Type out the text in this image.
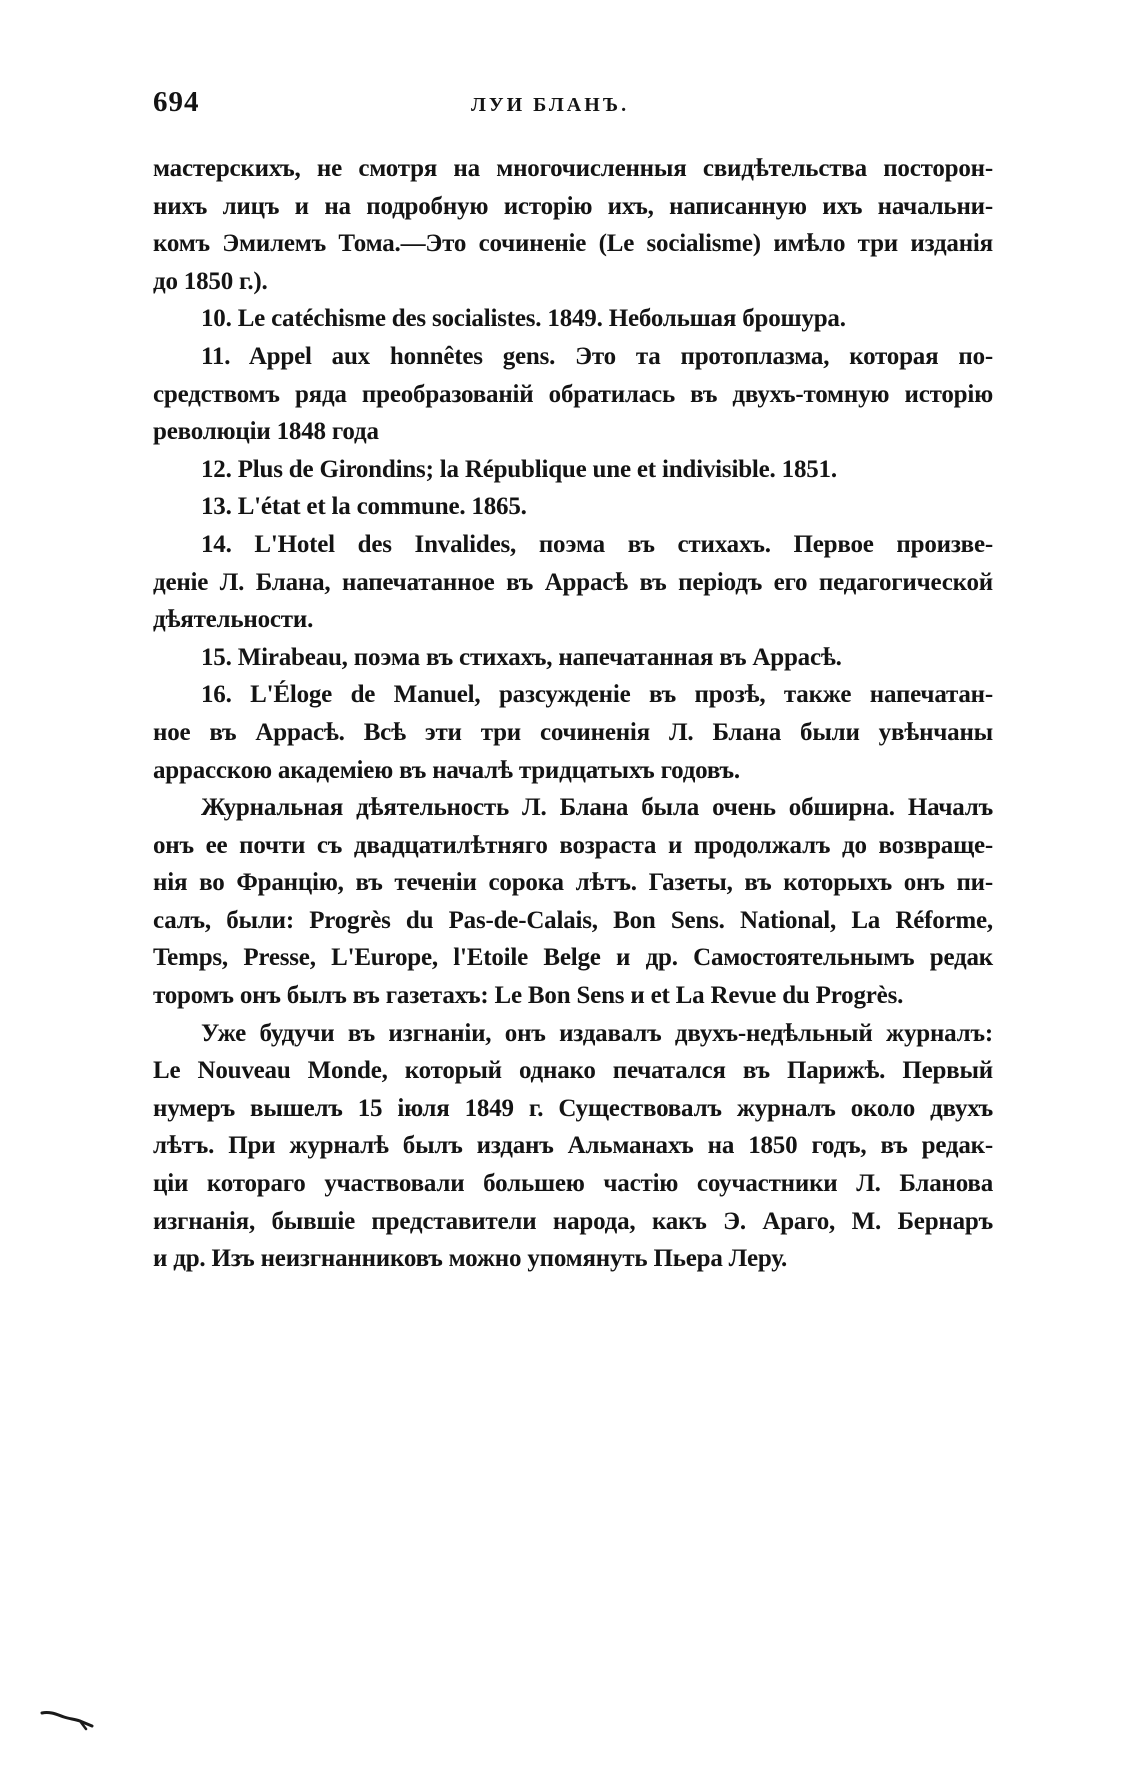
694	ЛУИ БЛАНЪ.
мастерскихъ, не смотря на многочисленныя свидѣтельства посторон-
нихъ лицъ и на подробную исторію ихъ, написанную ихъ начальни-
комъ Эмилемъ Тома.—Это сочиненіе (Le socialisme) имѣло три изданія
до 1850 г.).
10. Le catéchisme des socialistes. 1849. Небольшая брошура.
11. Appel aux honnêtes gens. Это та протоплазма, которая по-
средствомъ ряда преобразованій обратилась въ двухъ-томную исторію
революціи 1848 года
12. Plus de Girondins; la République une et indivisible. 1851.
13. L'état et la commune. 1865.
14. L'Hotel des Invalides, поэма въ стихахъ. Первое произве-
деніе Л. Блана, напечатанное въ Аррасѣ въ періодъ его педагогической
дѣятельности.
15. Mirabeau, поэма въ стихахъ, напечатанная въ Аррасѣ.
16. L'Éloge de Manuel, разсужденіе въ прозѣ, также напечатан-
ное въ Аррасѣ. Всѣ эти три сочиненія Л. Блана были увѣнчаны
аррасскою академіею въ началѣ тридцатыхъ годовъ.
Журнальная дѣятельность Л. Блана была очень обширна. Началъ
онъ ее почти съ двадцатилѣтняго возраста и продолжалъ до возвраще-
нія во Францію, въ теченіи сорока лѣтъ. Газеты, въ которыхъ онъ пи-
салъ, были: Progrès du Pas-de-Calais, Bon Sens. National, La Réforme,
Temps, Presse, L'Europe, l'Etoile Belge и др. Самостоятельнымъ редак
торомъ онъ былъ въ газетахъ: Le Bon Sens и et La Revue du Progrès.
Уже будучи въ изгнаніи, онъ издавалъ двухъ-недѣльный журналъ:
Le Nouveau Monde, который однако печатался въ Парижѣ. Первый
нумеръ вышелъ 15 іюля 1849 г. Существовалъ журналъ около двухъ
лѣтъ. При журналѣ былъ изданъ Альманахъ на 1850 годъ, въ редак-
ціи котораго участвовали большею частію соучастники Л. Бланова
изгнанія, бывшіе представители народа, какъ Э. Араго, М. Бернаръ
и др. Изъ неизгнанниковъ можно упомянуть Пьера Леру.
